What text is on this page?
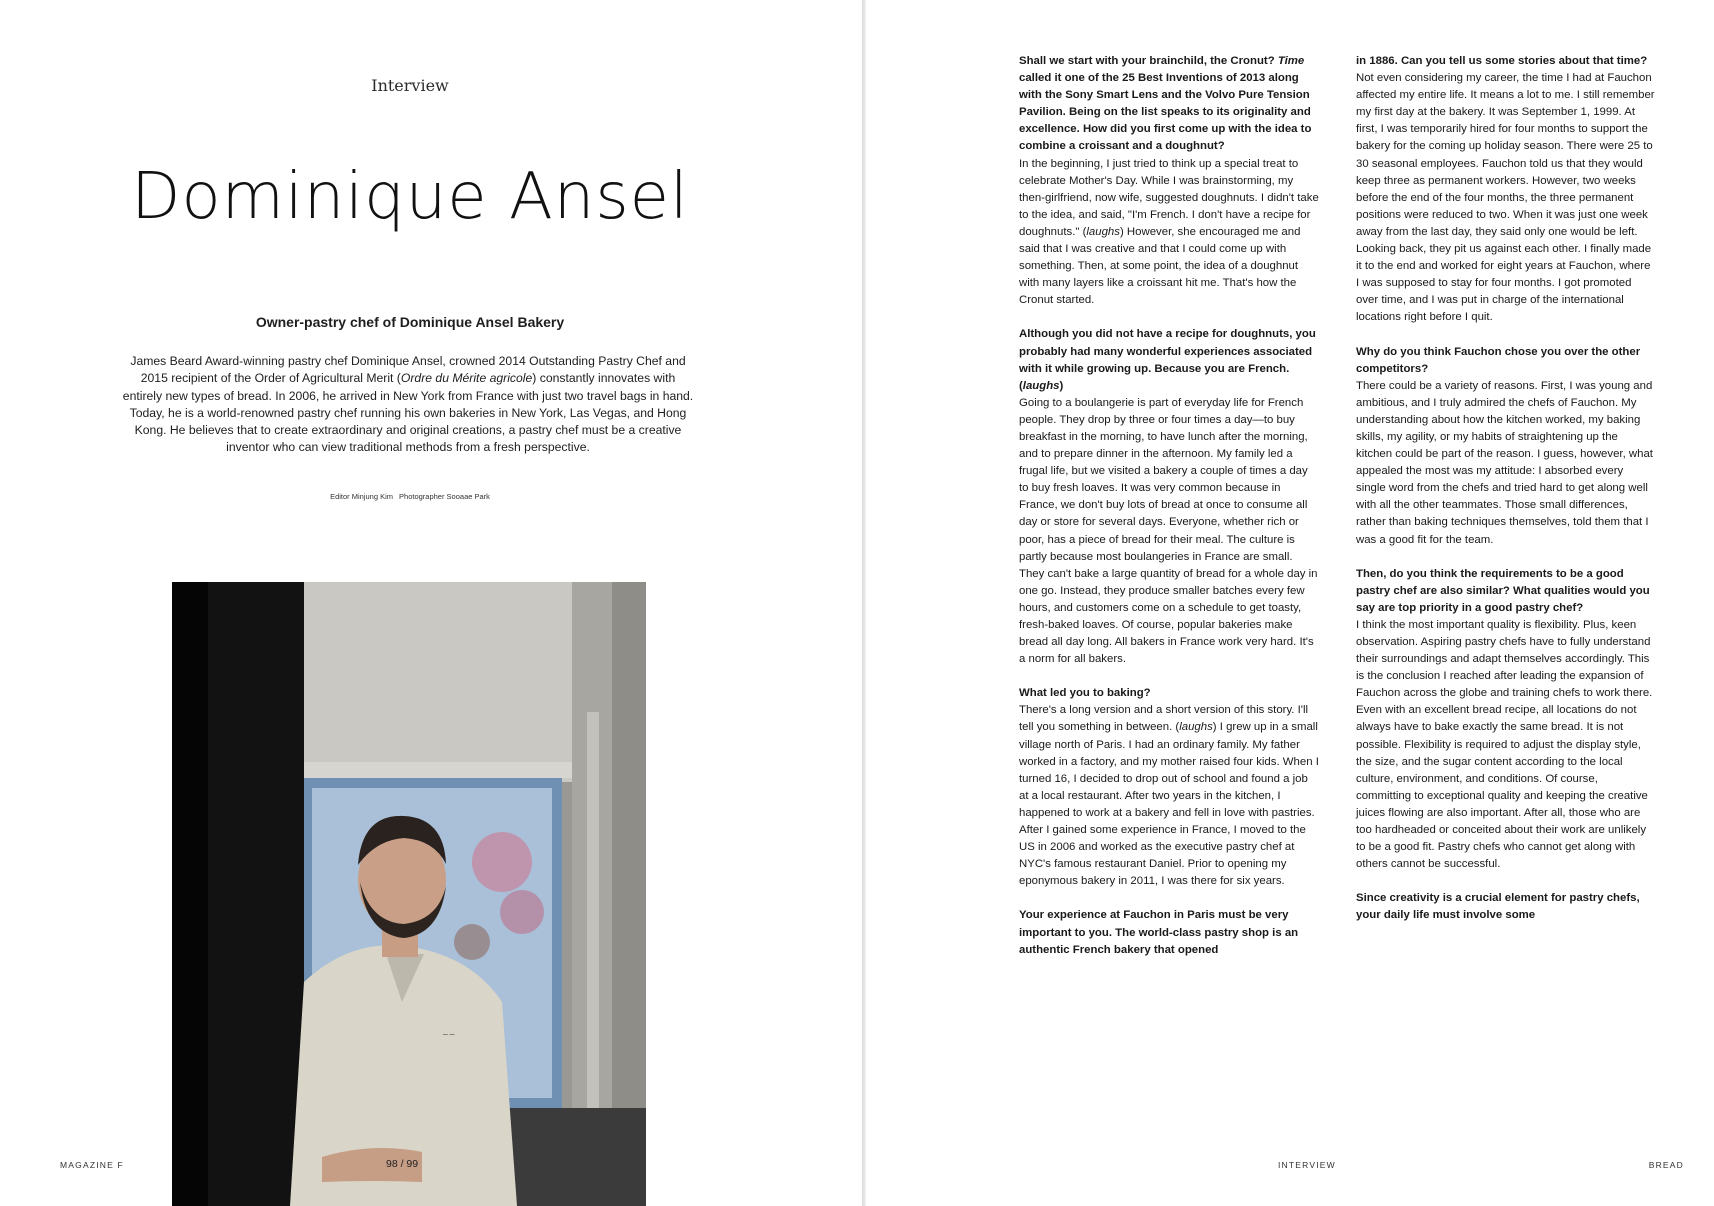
Interview
Dominique Ansel
Owner-pastry chef of Dominique Ansel Bakery

James Beard Award-winning pastry chef Dominique Ansel, crowned 2014 Outstanding Pastry Chef and 2015 recipient of the Order of Agricultural Merit (Ordre du Mérite agricole) constantly innovates with entirely new types of bread. In 2006, he arrived in New York from France with just two travel bags in hand. Today, he is a world-renowned pastry chef running his own bakeries in New York, Las Vegas, and Hong Kong. He believes that to create extraordinary and original creations, a pastry chef must be a creative inventor who can view traditional methods from a fresh perspective.

Editor Minjung Kim Photographer Sooaae Park
~~
MAGAZINE F	98 / 99
Shall we start with your brainchild, the Cronut? Time called it one of the 25 Best Inventions of 2013 along with the Sony Smart Lens and the Volvo Pure Tension Pavilion. Being on the list speaks to its originality and excellence. How did you first come up with the idea to combine a croissant and a doughnut?
In the beginning, I just tried to think up a special treat to celebrate Mother's Day. While I was brainstorming, my then-girlfriend, now wife, suggested doughnuts. I didn't take to the idea, and said, "I'm French. I don't have a recipe for doughnuts." (laughs) However, she encouraged me and said that I was creative and that I could come up with something. Then, at some point, the idea of a doughnut with many layers like a croissant hit me. That's how the Cronut started.
Although you did not have a recipe for doughnuts, you probably had many wonderful experiences associated with it while growing up. Because you are French. (laughs)
Going to a boulangerie is part of everyday life for French people. They drop by three or four times a day—to buy breakfast in the morning, to have lunch after the morning, and to prepare dinner in the afternoon. My family led a frugal life, but we visited a bakery a couple of times a day to buy fresh loaves. It was very common because in France, we don't buy lots of bread at once to consume all day or store for several days. Everyone, whether rich or poor, has a piece of bread for their meal. The culture is partly because most boulangeries in France are small. They can't bake a large quantity of bread for a whole day in one go. Instead, they produce smaller batches every few hours, and customers come on a schedule to get toasty, fresh-baked loaves. Of course, popular bakeries make bread all day long. All bakers in France work very hard. It's a norm for all bakers.
What led you to baking?
There's a long version and a short version of this story. I'll tell you something in between. (laughs) I grew up in a small village north of Paris. I had an ordinary family. My father worked in a factory, and my mother raised four kids. When I turned 16, I decided to drop out of school and found a job at a local restaurant. After two years in the kitchen, I happened to work at a bakery and fell in love with pastries. After I gained some experience in France, I moved to the US in 2006 and worked as the executive pastry chef at NYC's famous restaurant Daniel. Prior to opening my eponymous bakery in 2011, I was there for six years.
Your experience at Fauchon in Paris must be very important to you. The world-class pastry shop is an authentic French bakery that opened
in 1886. Can you tell us some stories about that time?
Not even considering my career, the time I had at Fauchon affected my entire life. It means a lot to me. I still remember my first day at the bakery. It was September 1, 1999. At first, I was temporarily hired for four months to support the bakery for the coming up holiday season. There were 25 to 30 seasonal employees. Fauchon told us that they would keep three as permanent workers. However, two weeks before the end of the four months, the three permanent positions were reduced to two. When it was just one week away from the last day, they said only one would be left. Looking back, they pit us against each other. I finally made it to the end and worked for eight years at Fauchon, where I was supposed to stay for four months. I got promoted over time, and I was put in charge of the international locations right before I quit.
Why do you think Fauchon chose you over the other competitors?
There could be a variety of reasons. First, I was young and ambitious, and I truly admired the chefs of Fauchon. My understanding about how the kitchen worked, my baking skills, my agility, or my habits of straightening up the kitchen could be part of the reason. I guess, however, what appealed the most was my attitude: I absorbed every single word from the chefs and tried hard to get along well with all the other teammates. Those small differences, rather than baking techniques themselves, told them that I was a good fit for the team.
Then, do you think the requirements to be a good pastry chef are also similar? What qualities would you say are top priority in a good pastry chef?
I think the most important quality is flexibility. Plus, keen observation. Aspiring pastry chefs have to fully understand their surroundings and adapt themselves accordingly. This is the conclusion I reached after leading the expansion of Fauchon across the globe and training chefs to work there. Even with an excellent bread recipe, all locations do not always have to bake exactly the same bread. It is not possible. Flexibility is required to adjust the display style, the size, and the sugar content according to the local culture, environment, and conditions. Of course, committing to exceptional quality and keeping the creative juices flowing are also important. After all, those who are too hardheaded or conceited about their work are unlikely to be a good fit. Pastry chefs who cannot get along with others cannot be successful.
Since creativity is a crucial element for pastry chefs, your daily life must involve some
INTERVIEW	BREAD
